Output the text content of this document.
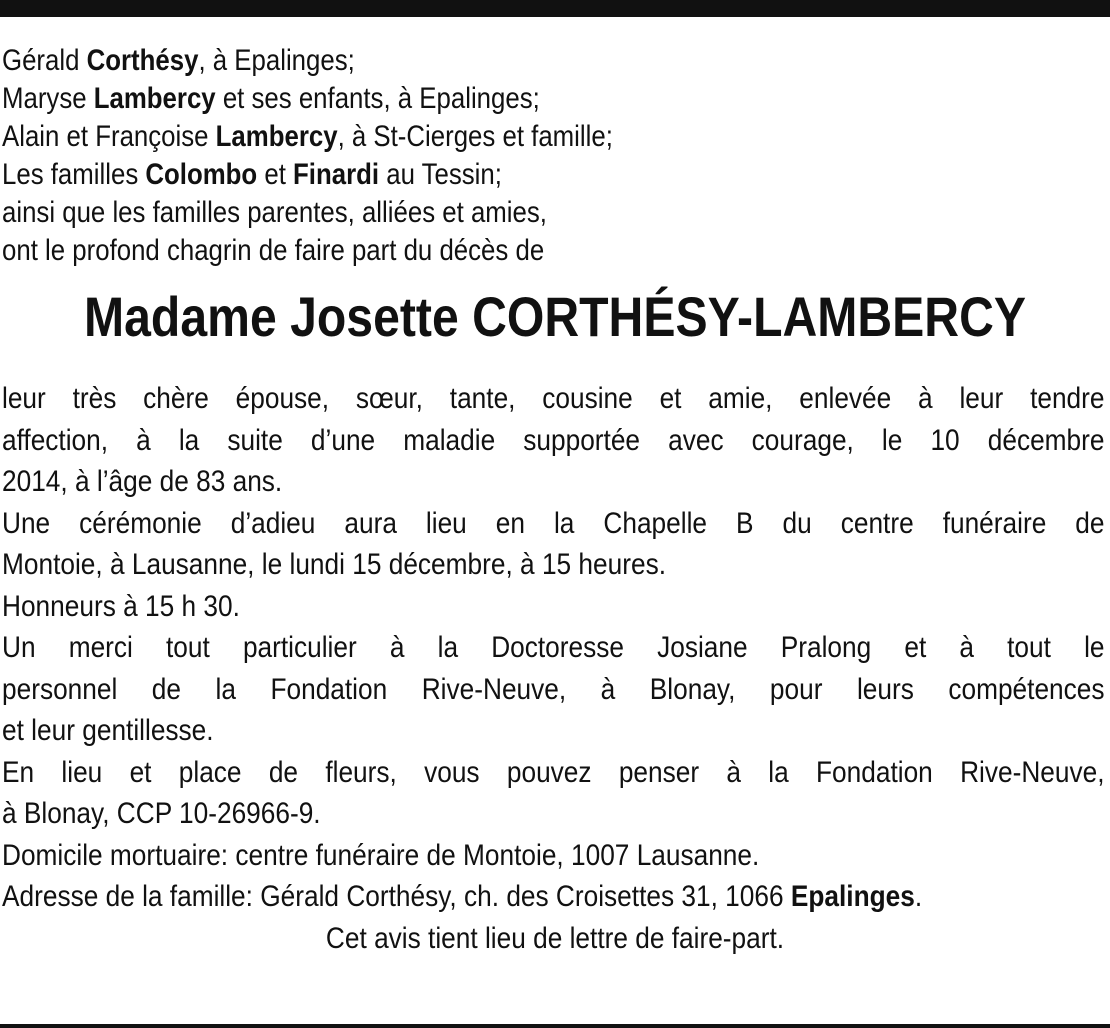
Gérald Corthésy, à Epalinges;
Maryse Lambercy et ses enfants, à Epalinges;
Alain et Françoise Lambercy, à St-Cierges et famille;
Les familles Colombo et Finardi au Tessin;
ainsi que les familles parentes, alliées et amies,
ont le profond chagrin de faire part du décès de
Madame Josette CORTHÉSY-LAMBERCY
leur très chère épouse, sœur, tante, cousine et amie, enlevée à leur tendre
affection, à la suite d’une maladie supportée avec courage, le 10 décembre
2014, à l’âge de 83 ans.
Une cérémonie d’adieu aura lieu en la Chapelle B du centre funéraire de
Montoie, à Lausanne, le lundi 15 décembre, à 15 heures.
Honneurs à 15 h 30.
Un merci tout particulier à la Doctoresse Josiane Pralong et à tout le
personnel de la Fondation Rive-Neuve, à Blonay, pour leurs compétences
et leur gentillesse.
En lieu et place de fleurs, vous pouvez penser à la Fondation Rive-Neuve,
à Blonay, CCP 10-26966-9.
Domicile mortuaire: centre funéraire de Montoie, 1007 Lausanne.
Adresse de la famille: Gérald Corthésy, ch. des Croisettes 31, 1066 Epalinges.
Cet avis tient lieu de lettre de faire-part.
